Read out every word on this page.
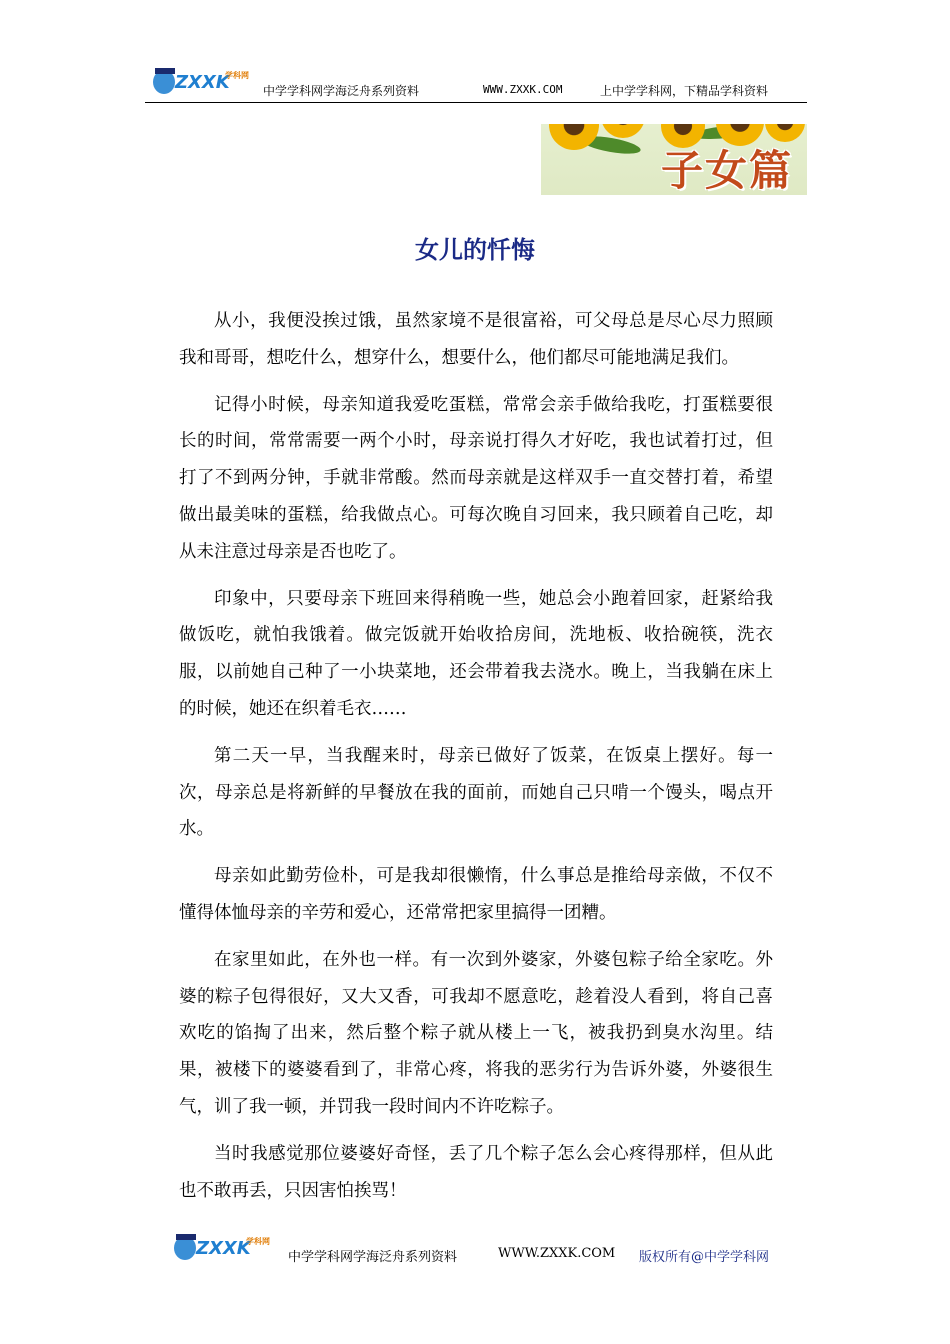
ZXXK
学科网
中学学科网学海泛舟系列资料	WWW.ZXXK.COM	上中学学科网，下精品学科资料
子女篇
女儿的忏悔

从小，我便没挨过饿，虽然家境不是很富裕，可父母总是尽心尽力照顾我和哥哥，想吃什么，想穿什么，想要什么，他们都尽可能地满足我们。

记得小时候，母亲知道我爱吃蛋糕，常常会亲手做给我吃，打蛋糕要很长的时间，常常需要一两个小时，母亲说打得久才好吃，我也试着打过，但打了不到两分钟，手就非常酸。然而母亲就是这样双手一直交替打着，希望做出最美味的蛋糕，给我做点心。可每次晚自习回来，我只顾着自己吃，却从未注意过母亲是否也吃了。

印象中，只要母亲下班回来得稍晚一些，她总会小跑着回家，赶紧给我做饭吃，就怕我饿着。做完饭就开始收拾房间，洗地板、收拾碗筷，洗衣服，以前她自己种了一小块菜地，还会带着我去浇水。晚上，当我躺在床上的时候，她还在织着毛衣……

第二天一早，当我醒来时，母亲已做好了饭菜，在饭桌上摆好。每一次，母亲总是将新鲜的早餐放在我的面前，而她自己只啃一个馒头，喝点开水。

母亲如此勤劳俭朴，可是我却很懒惰，什么事总是推给母亲做，不仅不懂得体恤母亲的辛劳和爱心，还常常把家里搞得一团糟。

在家里如此，在外也一样。有一次到外婆家，外婆包粽子给全家吃。外婆的粽子包得很好，又大又香，可我却不愿意吃，趁着没人看到，将自己喜欢吃的馅掏了出来，然后整个粽子就从楼上一飞，被我扔到臭水沟里。结果，被楼下的婆婆看到了，非常心疼，将我的恶劣行为告诉外婆，外婆很生气，训了我一顿，并罚我一段时间内不许吃粽子。

当时我感觉那位婆婆好奇怪，丢了几个粽子怎么会心疼得那样，但从此也不敢再丢，只因害怕挨骂！

ZXXK
学科网
中学学科网学海泛舟系列资料	WWW.ZXXK.COM 版权所有@中学学科网
